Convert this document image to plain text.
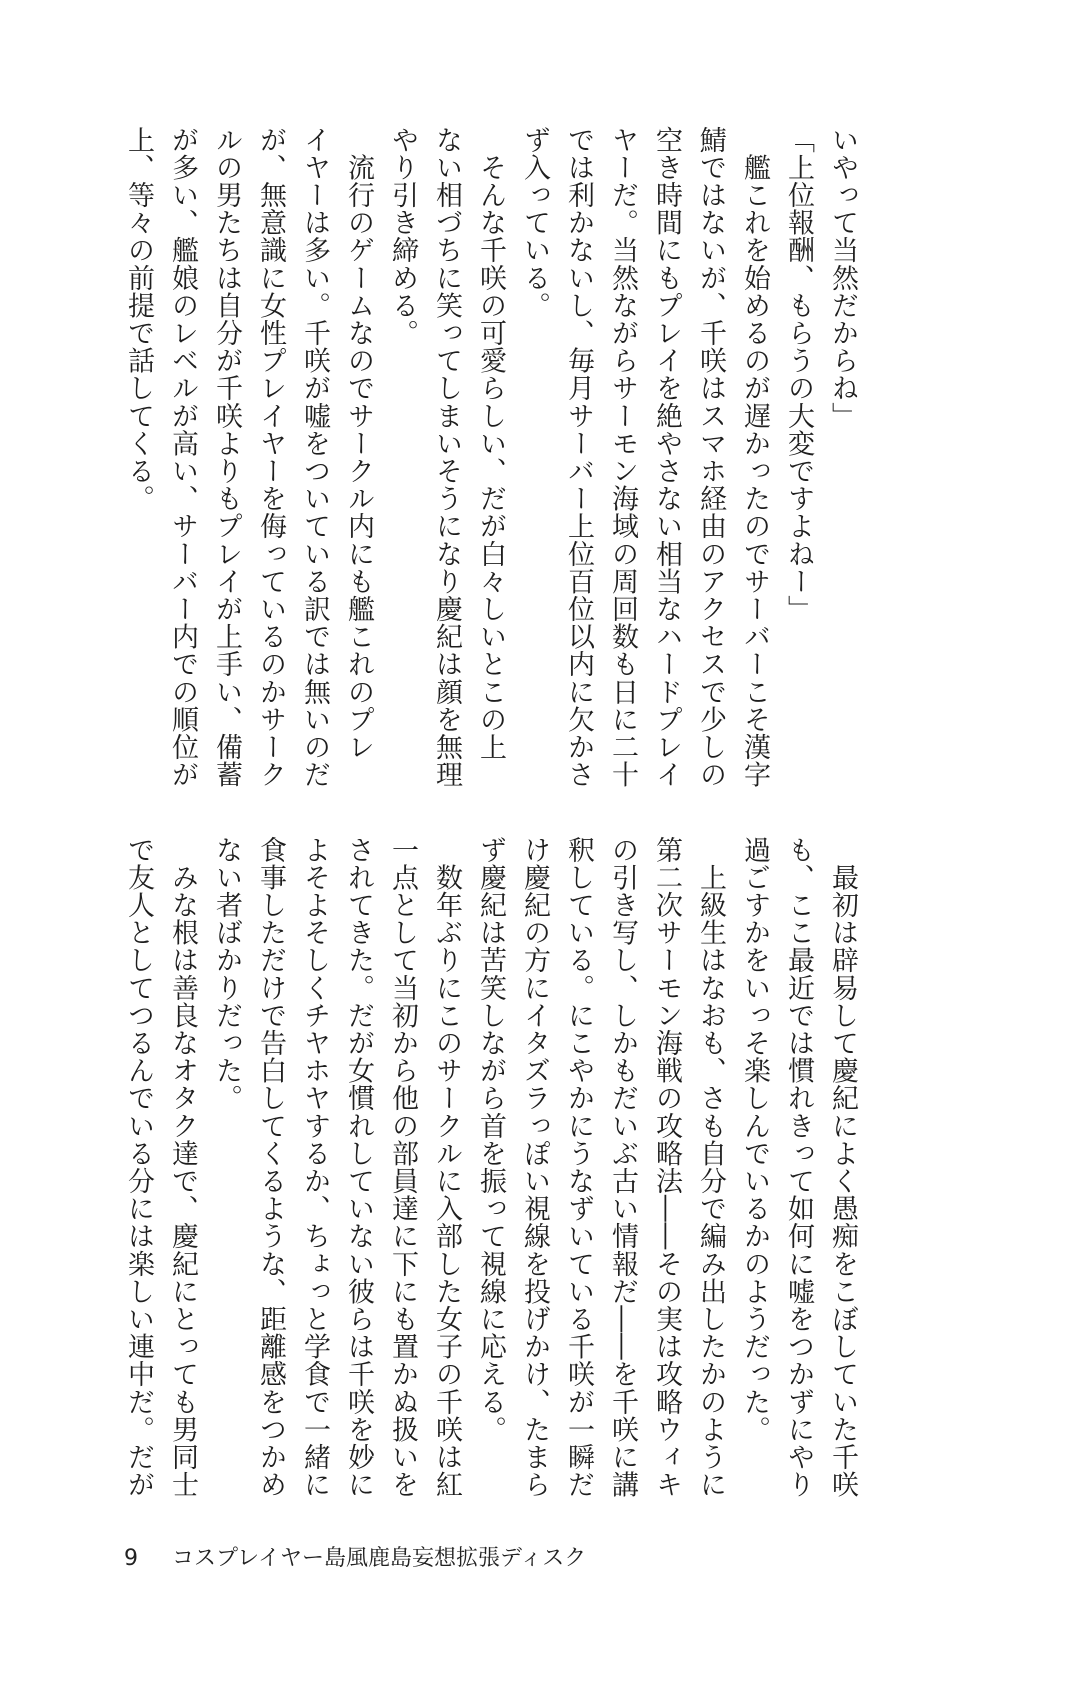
いやって当然だからね」
「上位報酬、もらうの大変ですよねー」
　艦これを始めるのが遅かったのでサーバーこそ漢字
鯖ではないが、千咲はスマホ経由のアクセスで少しの
空き時間にもプレイを絶やさない相当なハードプレイ
ヤーだ。当然ながらサーモン海域の周回数も日に二十
では利かないし、毎月サーバー上位百位以内に欠かさ
ず入っている。
　そんな千咲の可愛らしい、だが白々しいとこの上
ない相づちに笑ってしまいそうになり慶紀は顔を無理
やり引き締める。
　流行のゲームなのでサークル内にも艦これのプレ
イヤーは多い。千咲が嘘をついている訳では無いのだ
が、無意識に女性プレイヤーを侮っているのかサーク
ルの男たちは自分が千咲よりもプレイが上手い、備蓄
が多い、艦娘のレベルが高い、サーバー内での順位が
上、等々の前提で話してくる。
　最初は辟易して慶紀によく愚痴をこぼしていた千咲
も、ここ最近では慣れきって如何に嘘をつかずにやり
過ごすかをいっそ楽しんでいるかのようだった。
　上級生はなおも、さも自分で編み出したかのように
第二次サーモン海戦の攻略法――その実は攻略ウィキ
の引き写し、しかもだいぶ古い情報だ――を千咲に講
釈している。にこやかにうなずいている千咲が一瞬だ
け慶紀の方にイタズラっぽい視線を投げかけ、たまら
ず慶紀は苦笑しながら首を振って視線に応える。
　数年ぶりにこのサークルに入部した女子の千咲は紅
一点として当初から他の部員達に下にも置かぬ扱いを
されてきた。だが女慣れしていない彼らは千咲を妙に
よそよそしくチヤホヤするか、ちょっと学食で一緒に
食事しただけで告白してくるような、距離感をつかめ
ない者ばかりだった。
　みな根は善良なオタク達で、慶紀にとっても男同士
で友人としてつるんでいる分には楽しい連中だ。だが
9 コスプレイヤー島風鹿島妄想拡張ディスク
